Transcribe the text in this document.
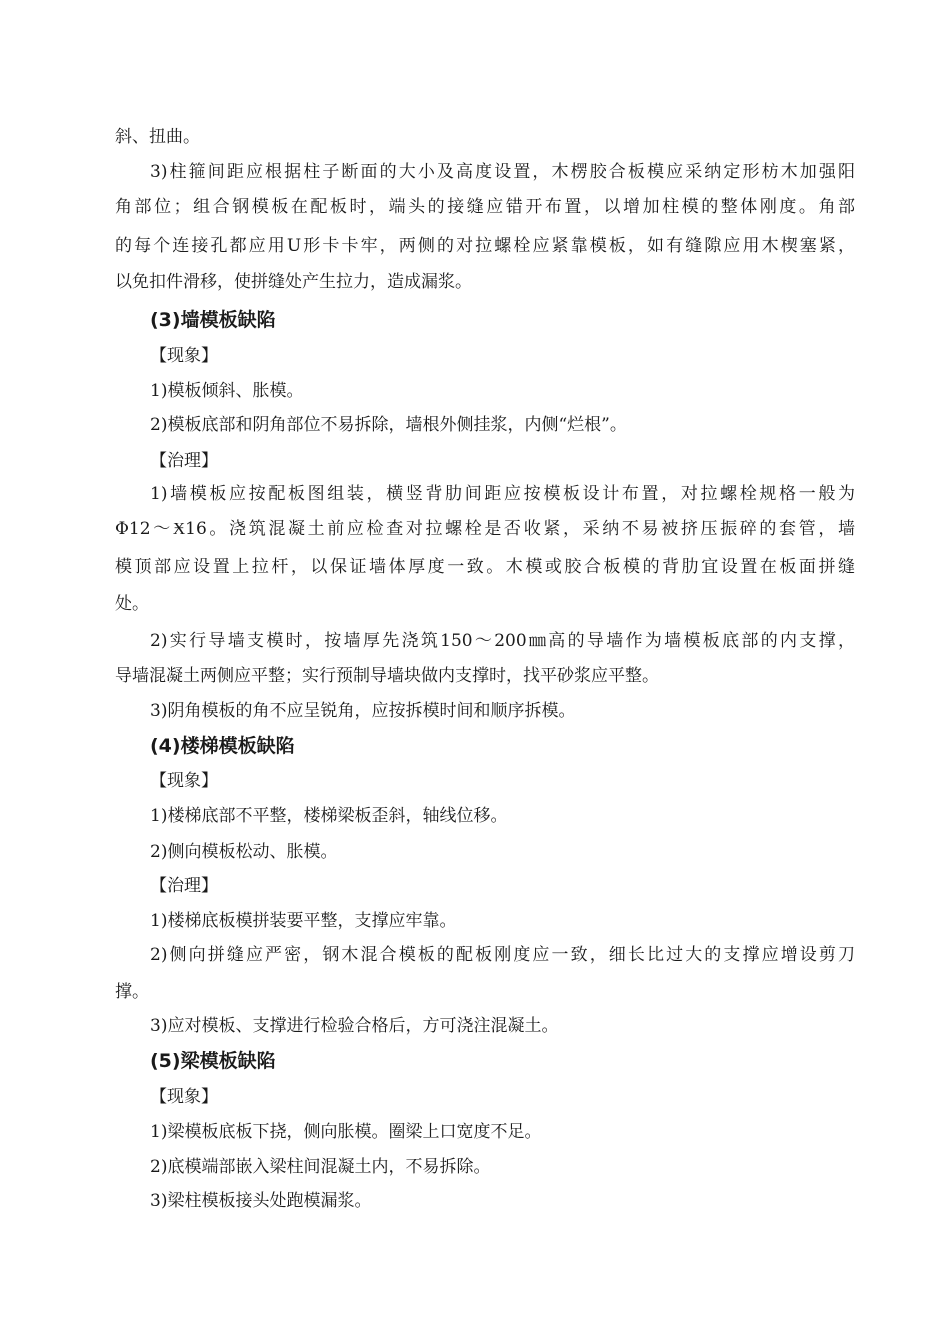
斜、扭曲。
3)柱箍间距应根据柱子断面的大小及高度设置，木楞胶合板模应采纳定形枋木加强阳
角部位；组合钢模板在配板时，端头的接缝应错开布置，以增加柱模的整体刚度。角部
的每个连接孔都应用U形卡卡牢，两侧的对拉螺栓应紧靠模板，如有缝隙应用木楔塞紧，
以免扣件滑移，使拼缝处产生拉力，造成漏浆。
(3)墙模板缺陷
【现象】
1)模板倾斜、胀模。
2)模板底部和阴角部位不易拆除，墙根外侧挂浆，内侧“烂根”。
【治理】
1)墙模板应按配板图组装，横竖背肋间距应按模板设计布置，对拉螺栓规格一般为
Φ12～Ӿ16。浇筑混凝土前应检查对拉螺栓是否收紧，采纳不易被挤压振碎的套管，墙
模顶部应设置上拉杆，以保证墙体厚度一致。木模或胶合板模的背肋宜设置在板面拼缝
处。
2)实行导墙支模时，按墙厚先浇筑150～200㎜高的导墙作为墙模板底部的内支撑，
导墙混凝土两侧应平整；实行预制导墙块做内支撑时，找平砂浆应平整。
3)阴角模板的角不应呈锐角，应按拆模时间和顺序拆模。
(4)楼梯模板缺陷
【现象】
1)楼梯底部不平整，楼梯梁板歪斜，轴线位移。
2)侧向模板松动、胀模。
【治理】
1)楼梯底板模拼装要平整，支撑应牢靠。
2)侧向拼缝应严密，钢木混合模板的配板刚度应一致，细长比过大的支撑应增设剪刀
撑。
3)应对模板、支撑进行检验合格后，方可浇注混凝土。
(5)梁模板缺陷
【现象】
1)梁模板底板下挠，侧向胀模。圈梁上口宽度不足。
2)底模端部嵌入梁柱间混凝土内，不易拆除。
3)梁柱模板接头处跑模漏浆。
